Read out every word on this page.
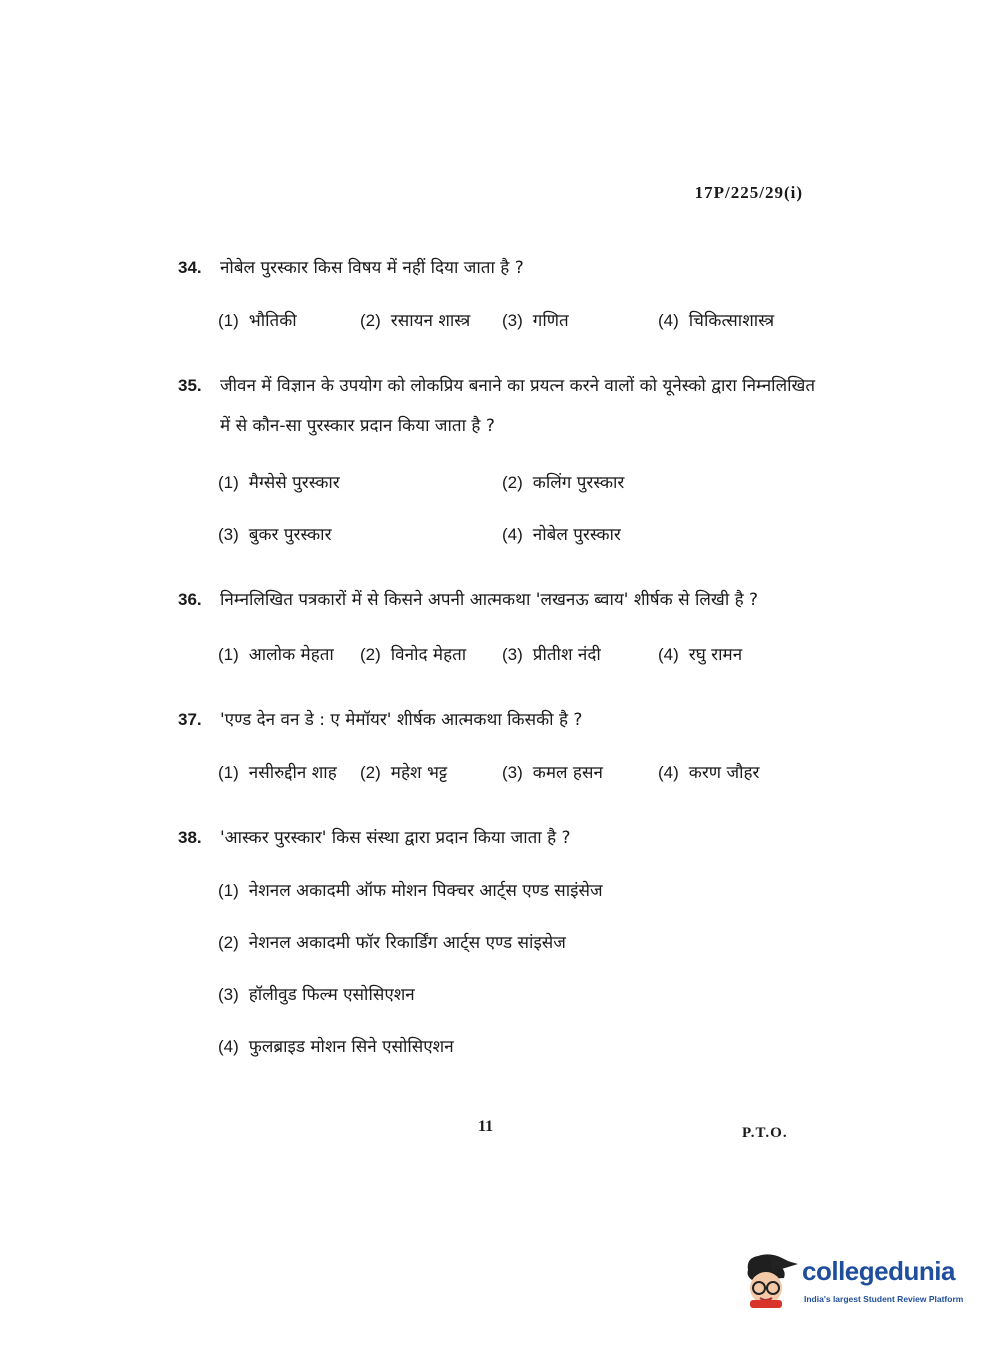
17P/225/29(i)
34. नोबेल पुरस्कार किस विषय में नहीं दिया जाता है ?
(1) भौतिकी	(2) रसायन शास्त्र (3) गणित	(4) चिकित्साशास्त्र
35. जीवन में विज्ञान के उपयोग को लोकप्रिय बनाने का प्रयत्न करने वालों को यूनेस्को द्वारा निम्नलिखित में से कौन-सा पुरस्कार प्रदान किया जाता है ?
(1) मैग्सेसे पुरस्कार	(2) कलिंग पुरस्कार
(3) बुकर पुरस्कार	(4) नोबेल पुरस्कार
36. निम्नलिखित पत्रकारों में से किसने अपनी आत्मकथा 'लखनऊ ब्वाय' शीर्षक से लिखी है ?
(1) आलोक मेहता (2) विनोद मेहता (3) प्रीतीश नंदी	(4) रघु रामन
37. 'एण्ड देन वन डे : ए मेमॉयर' शीर्षक आत्मकथा किसकी है ?
(1) नसीरुद्दीन शाह (2) महेश भट्ट	(3) कमल हसन	(4) करण जौहर
38. 'आस्कर पुरस्कार' किस संस्था द्वारा प्रदान किया जाता है ?
(1) नेशनल अकादमी ऑफ मोशन पिक्चर आर्ट्स एण्ड साइंसेज
(2) नेशनल अकादमी फॉर रिकार्डिंग आर्ट्स एण्ड सांइसेज
(3) हॉलीवुड फिल्म एसोसिएशन
(4) फुलब्राइड मोशन सिने एसोसिएशन
11	P.T.O.
collegedunia
India's largest Student Review Platform
